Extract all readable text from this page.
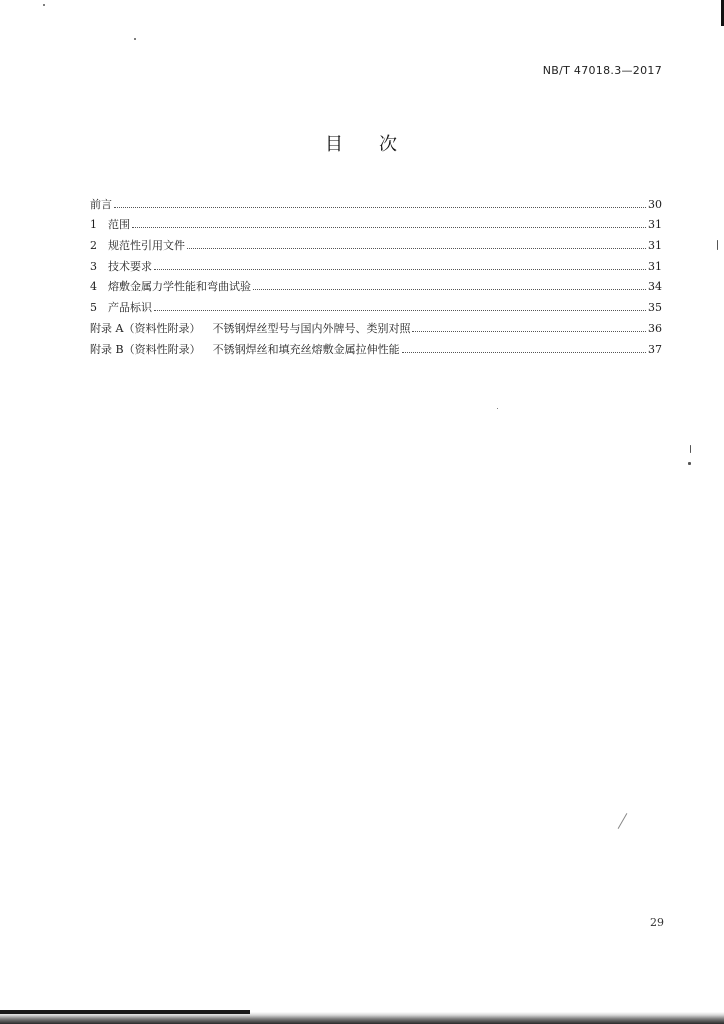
NB/T 47018.3—2017
目 次
前言	30
1 范围	31
2 规范性引用文件	31
3 技术要求	31
4 熔敷金属力学性能和弯曲试验	34
5 产品标识	35
附录 A（资料性附录） 不锈钢焊丝型号与国内外牌号、类别对照	36
附录 B（资料性附录） 不锈钢焊丝和填充丝熔敷金属拉伸性能	37
29
